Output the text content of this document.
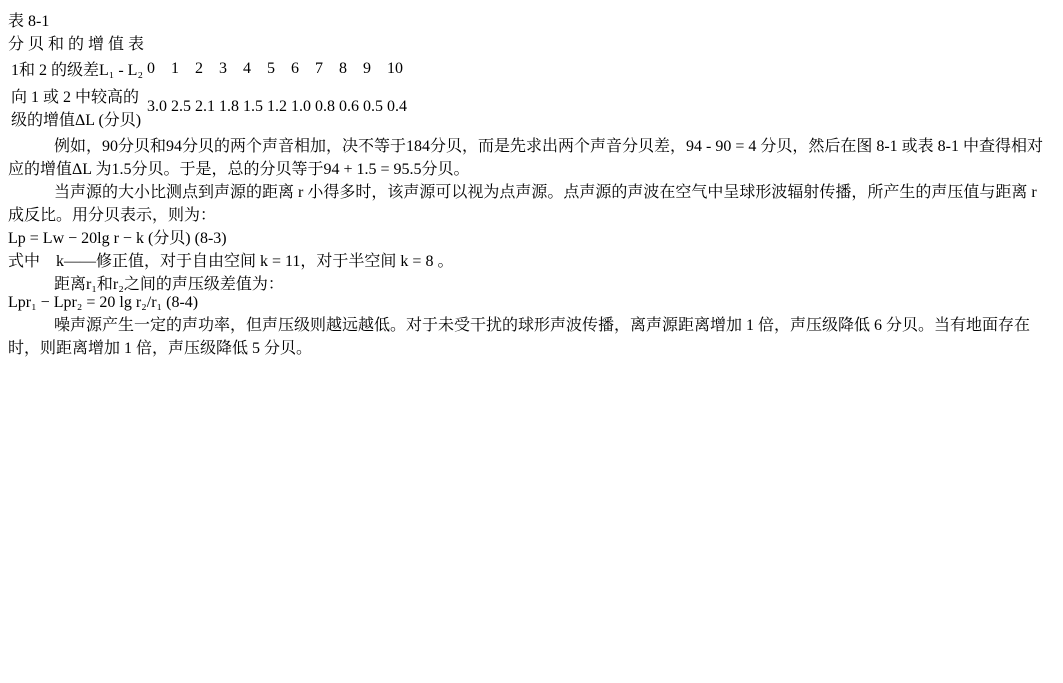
表 8-1
分 贝 和 的 增 值 表
1和 2 的级差L₁ - L₂	0	1	2	3	4	5	6	7	8	9	10

向 1 或 2 中较高的
级的增值ΔL (分贝)	3.0	2.5	2.1	1.8	1.5	1.2	1.0	0.8	0.6	0.5	0.4
例如，90分贝和94分贝的两个声音相加，决不等于184分贝，而是先求出两个声音分贝差，94 - 90 = 4 分贝，然后在图 8-1 或表 8-1 中查得相对应的增值ΔL 为1.5分贝。于是，总的分贝等于94 + 1.5 = 95.5分贝。
当声源的大小比测点到声源的距离 r 小得多时，该声源可以视为点声源。点声源的声波在空气中呈球形波辐射传播，所产生的声压值与距离 r 成反比。用分贝表示，则为：
Lp = Lw − 20lg r − k (分贝) (8-3)
式中　k——修正值，对于自由空间 k = 11，对于半空间 k = 8 。
距离r₁和r₂之间的声压级差值为：
Lpr₁ − Lpr₂ = 20 lg r₂/r₁ (8-4)
噪声源产生一定的声功率，但声压级则越远越低。对于未受干扰的球形声波传播，离声源距离增加 1 倍，声压级降低 6 分贝。当有地面存在时，则距离增加 1 倍，声压级降低 5 分贝。
